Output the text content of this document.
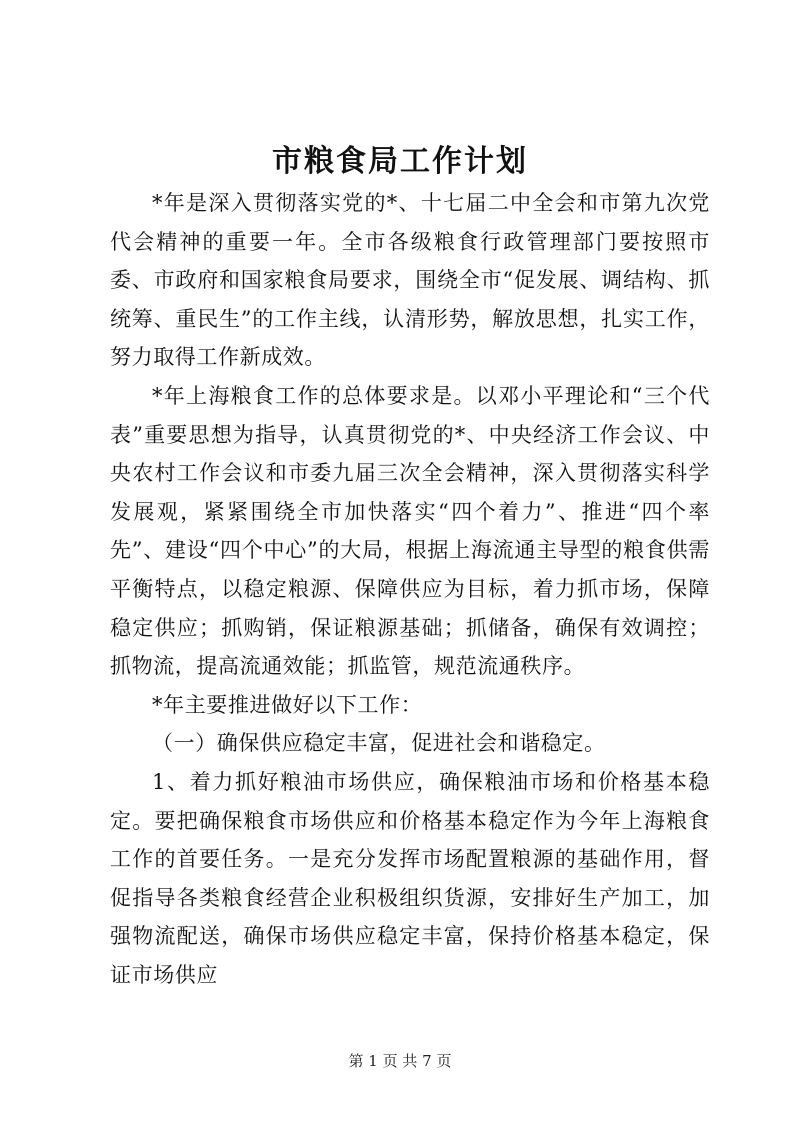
市粮食局工作计划

*年是深入贯彻落实党的*、十七届二中全会和市第九次党代会精神的重要一年。全市各级粮食行政管理部门要按照市委、市政府和国家粮食局要求，围绕全市“促发展、调结构、抓统筹、重民生”的工作主线，认清形势，解放思想，扎实工作，努力取得工作新成效。

*年上海粮食工作的总体要求是。以邓小平理论和“三个代表”重要思想为指导，认真贯彻党的*、中央经济工作会议、中央农村工作会议和市委九届三次全会精神，深入贯彻落实科学发展观，紧紧围绕全市加快落实“四个着力”、推进“四个率先”、建设“四个中心”的大局，根据上海流通主导型的粮食供需平衡特点，以稳定粮源、保障供应为目标，着力抓市场，保障稳定供应；抓购销，保证粮源基础；抓储备，确保有效调控；抓物流，提高流通效能；抓监管，规范流通秩序。

*年主要推进做好以下工作：

（一）确保供应稳定丰富，促进社会和谐稳定。

1、着力抓好粮油市场供应，确保粮油市场和价格基本稳定。要把确保粮食市场供应和价格基本稳定作为今年上海粮食工作的首要任务。一是充分发挥市场配置粮源的基础作用，督促指导各类粮食经营企业积极组织货源，安排好生产加工，加强物流配送，确保市场供应稳定丰富，保持价格基本稳定，保证市场供应

第 1 页 共 7 页
